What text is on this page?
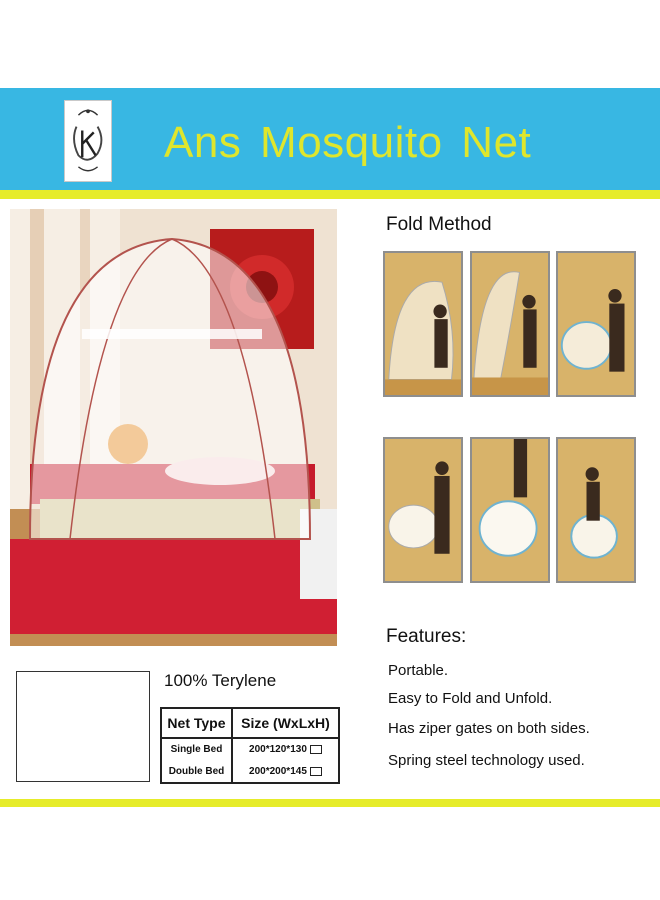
Ans Mosquito Net
Fold Method
Features:
Portable.
Easy to Fold and Unfold.
Has ziper gates on both sides.
Spring steel technology used.
100% Terylene
Net Type	Size (WxLxH)
Single Bed	200*120*130
Double Bed	200*200*145
